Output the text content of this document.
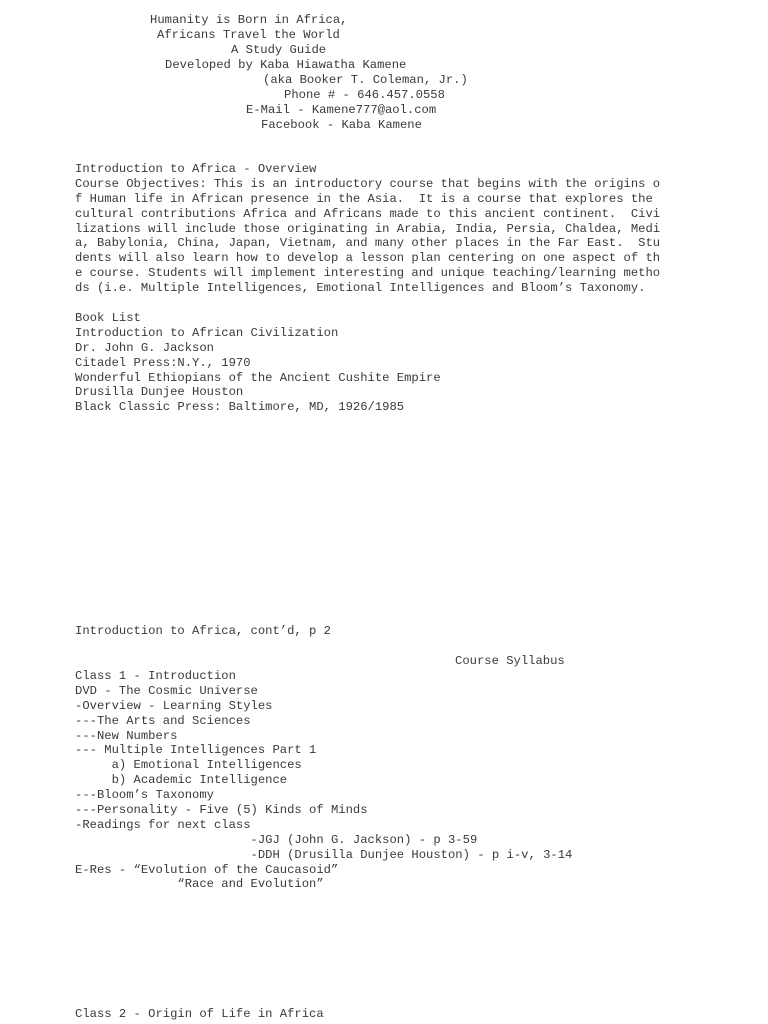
Humanity is Born in Africa,
Africans Travel the World
A Study Guide
Developed by Kaba Hiawatha Kamene
(aka Booker T. Coleman, Jr.)
Phone # - 646.457.0558
E-Mail - Kamene777@aol.com
Facebook - Kaba Kamene
Introduction to Africa - Overview
Course Objectives: This is an introductory course that begins with the origins o
f Human life in African presence in the Asia.  It is a course that explores the
cultural contributions Africa and Africans made to this ancient continent.  Civi
lizations will include those originating in Arabia, India, Persia, Chaldea, Medi
a, Babylonia, China, Japan, Vietnam, and many other places in the Far East.  Stu
dents will also learn how to develop a lesson plan centering on one aspect of th
e course. Students will implement interesting and unique teaching/learning metho
ds (i.e. Multiple Intelligences, Emotional Intelligences and Bloom’s Taxonomy.
Book List
Introduction to African Civilization
Dr. John G. Jackson
Citadel Press:N.Y., 1970
Wonderful Ethiopians of the Ancient Cushite Empire
Drusilla Dunjee Houston
Black Classic Press: Baltimore, MD, 1926/1985
Introduction to Africa, cont’d, p 2
Course Syllabus
Class 1 - Introduction
DVD - The Cosmic Universe
-Overview - Learning Styles
---The Arts and Sciences
---New Numbers
--- Multiple Intelligences Part 1
a) Emotional Intelligences
b) Academic Intelligence
---Bloom’s Taxonomy
---Personality - Five (5) Kinds of Minds
-Readings for next class
-JGJ (John G. Jackson) - p 3-59
-DDH (Drusilla Dunjee Houston) - p i-v, 3-14
E-Res - “Evolution of the Caucasoid”
“Race and Evolution”
Class 2 - Origin of Life in Africa
